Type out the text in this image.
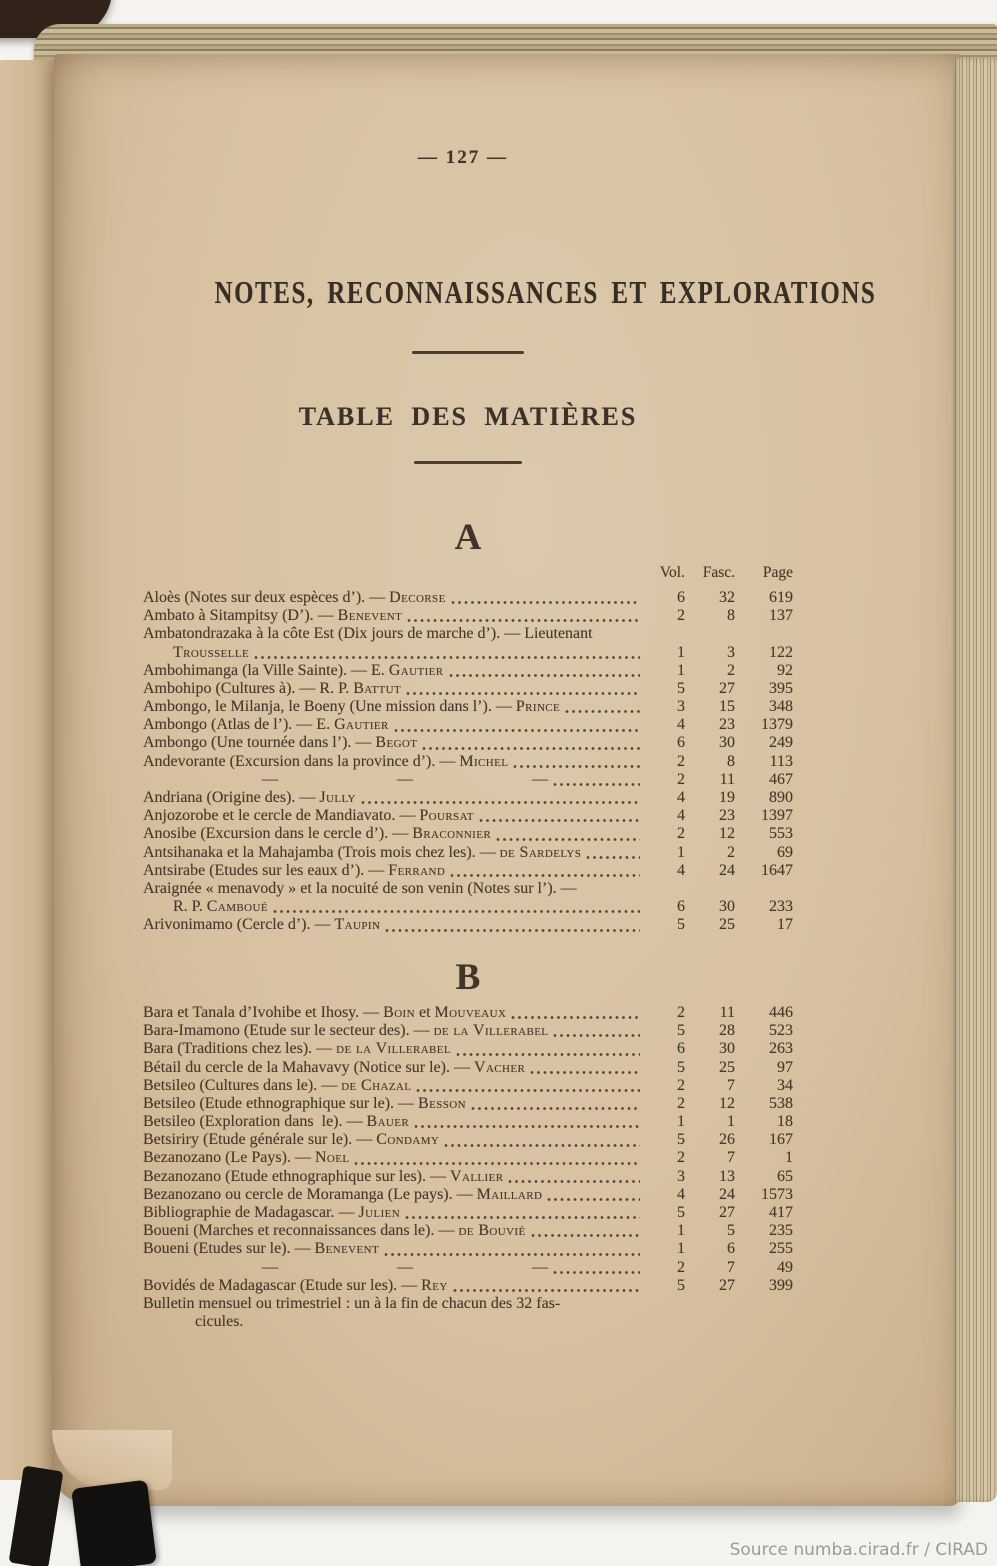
— 127 —
NOTES, RECONNAISSANCES ET EXPLORATIONS
TABLE DES MATIÈRES
A
Vol.	Fasc.	Page
Aloès (Notes sur deux espèces d’). — Decorse	6	32	619
Ambato à Sitampitsy (D’). — Benevent	2	8	137
Ambatondrazaka à la côte Est (Dix jours de marche d’). — Lieutenant
Trousselle	1	3	122
Ambohimanga (la Ville Sainte). — E. Gautier	1	2	92
Ambohipo (Cultures à). — R. P. Battut	5	27	395
Ambongo, le Milanja, le Boeny (Une mission dans l’). — Prince	3	15	348
Ambongo (Atlas de l’). — E. Gautier	4	23	1379
Ambongo (Une tournée dans l’). — Begot	6	30	249
Andevorante (Excursion dans la province d’). — Michel	2	8	113
—	—	—	2	11	467
Andriana (Origine des). — Jully	4	19	890
Anjozorobe et le cercle de Mandiavato. — Poursat	4	23	1397
Anosibe (Excursion dans le cercle d’). — Braconnier	2	12	553
Antsihanaka et la Mahajamba (Trois mois chez les). — de Sardelys	1	2	69
Antsirabe (Etudes sur les eaux d’). — Ferrand	4	24	1647
Araignée « menavody » et la nocuité de son venin (Notes sur l’). —
R. P. Camboué	6	30	233
Arivonimamo (Cercle d’). — Taupin	5	25	17
B
Bara et Tanala d’Ivohibe et Ihosy. — Boin et Mouveaux	2	11	446
Bara-Imamono (Etude sur le secteur des). — de la Villerabel	5	28	523
Bara (Traditions chez les). — de la Villerabel	6	30	263
Bétail du cercle de la Mahavavy (Notice sur le). — Vacher	5	25	97
Betsileo (Cultures dans le). — de Chazal	2	7	34
Betsileo (Etude ethnographique sur le). — Besson	2	12	538
Betsileo (Exploration dans  le). — Bauer	1	1	18
Betsiriry (Etude générale sur le). — Condamy	5	26	167
Bezanozano (Le Pays). — Noel	2	7	1
Bezanozano (Etude ethnographique sur les). — Vallier	3	13	65
Bezanozano ou cercle de Moramanga (Le pays). — Maillard	4	24	1573
Bibliographie de Madagascar. — Julien	5	27	417
Boueni (Marches et reconnaissances dans le). — de Bouvié	1	5	235
Boueni (Etudes sur le). — Benevent	1	6	255
—	—	—	2	7	49
Bovidés de Madagascar (Etude sur les). — Rey	5	27	399
Bulletin mensuel ou trimestriel : un à la fin de chacun des 32 fas-
cicules.
Source numba.cirad.fr / CIRAD
